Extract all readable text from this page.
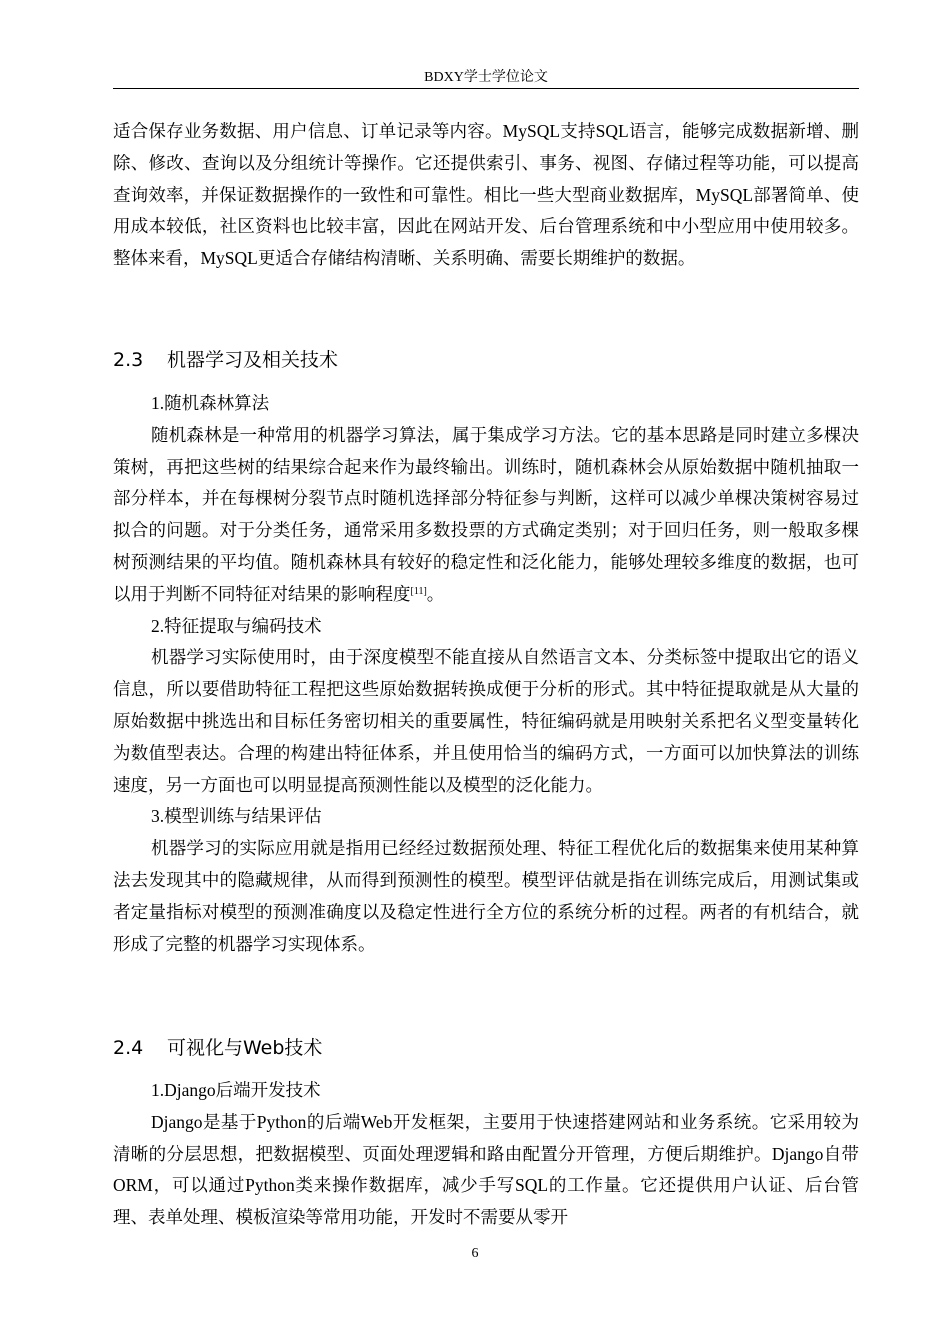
BDXY学士学位论文

适合保存业务数据、用户信息、订单记录等内容。MySQL支持SQL语言，能够完成数据新增、删除、修改、查询以及分组统计等操作。它还提供索引、事务、视图、存储过程等功能，可以提高查询效率，并保证数据操作的一致性和可靠性。相比一些大型商业数据库，MySQL部署简单、使用成本较低，社区资料也比较丰富，因此在网站开发、后台管理系统和中小型应用中使用较多。整体来看，MySQL更适合存储结构清晰、关系明确、需要长期维护的数据。

2.3 机器学习及相关技术

1.随机森林算法

随机森林是一种常用的机器学习算法，属于集成学习方法。它的基本思路是同时建立多棵决策树，再把这些树的结果综合起来作为最终输出。训练时，随机森林会从原始数据中随机抽取一部分样本，并在每棵树分裂节点时随机选择部分特征参与判断，这样可以减少单棵决策树容易过拟合的问题。对于分类任务，通常采用多数投票的方式确定类别；对于回归任务，则一般取多棵树预测结果的平均值。随机森林具有较好的稳定性和泛化能力，能够处理较多维度的数据，也可以用于判断不同特征对结果的影响程度[11]。

2.特征提取与编码技术

机器学习实际使用时，由于深度模型不能直接从自然语言文本、分类标签中提取出它的语义信息，所以要借助特征工程把这些原始数据转换成便于分析的形式。其中特征提取就是从大量的原始数据中挑选出和目标任务密切相关的重要属性，特征编码就是用映射关系把名义型变量转化为数值型表达。合理的构建出特征体系，并且使用恰当的编码方式，一方面可以加快算法的训练速度，另一方面也可以明显提高预测性能以及模型的泛化能力。

3.模型训练与结果评估

机器学习的实际应用就是指用已经经过数据预处理、特征工程优化后的数据集来使用某种算法去发现其中的隐藏规律，从而得到预测性的模型。模型评估就是指在训练完成后，用测试集或者定量指标对模型的预测准确度以及稳定性进行全方位的系统分析的过程。两者的有机结合，就形成了完整的机器学习实现体系。

2.4 可视化与Web技术

1.Django后端开发技术

Django是基于Python的后端Web开发框架，主要用于快速搭建网站和业务系统。它采用较为清晰的分层思想，把数据模型、页面处理逻辑和路由配置分开管理，方便后期维护。Django自带ORM，可以通过Python类来操作数据库，减少手写SQL的工作量。它还提供用户认证、后台管理、表单处理、模板渲染等常用功能，开发时不需要从零开

6
